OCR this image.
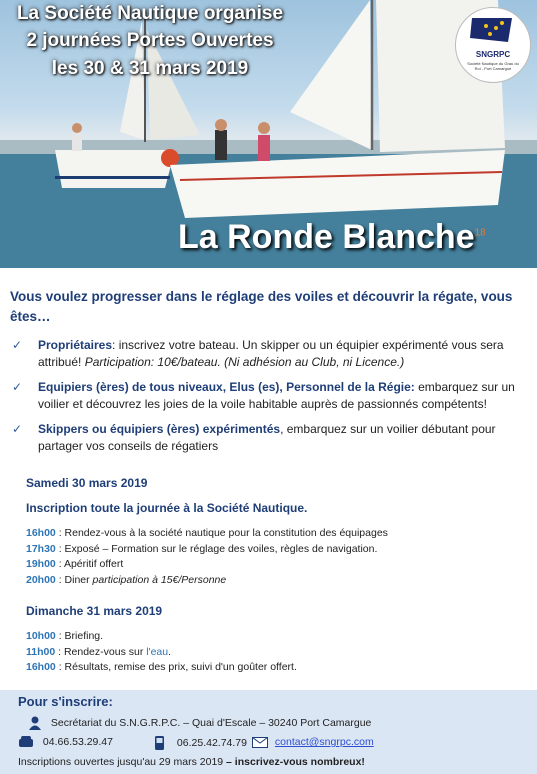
La Société Nautique organise
2 journées Portes Ouvertes
les 30 & 31 mars 2019
SNGRPC
Société Nautique du Grau du Roi - Port Camargue
La Ronde Blanche$^{18}$
Vous voulez progresser dans le réglage des voiles et découvrir la régate, vous êtes…
✓ Propriétaires: inscrivez votre bateau. Un skipper ou un équipier expérimenté vous sera attribué! Participation: 10€/bateau. (Ni adhésion au Club, ni Licence.)
✓ Equipiers (ères) de tous niveaux, Elus (es), Personnel de la Régie: embarquez sur un voilier et découvrez les joies de la voile habitable auprès de passionnés compétents!
✓ Skippers ou équipiers (ères) expérimentés, embarquez sur un voilier débutant pour partager vos conseils de régatiers
Samedi 30 mars 2019
Inscription toute la journée à la Société Nautique.
16h00 : Rendez-vous à la société nautique pour la constitution des équipages
17h30 : Exposé – Formation sur le réglage des voiles, règles de navigation.
19h00 : Apéritif offert
20h00 : Diner participation à 15€/Personne
Dimanche 31 mars 2019
10h00 : Briefing.
11h00 : Rendez-vous sur l'eau.
16h00 : Résultats, remise des prix, suivi d'un goûter offert.
Pour s'inscrire:
Secrétariat du S.N.G.R.P.C. – Quai d'Escale – 30240 Port Camargue
04.66.53.29.47	06.25.42.74.79	contact@sngrpc.com
Inscriptions ouvertes jusqu'au 29 mars 2019 – inscrivez-vous nombreux!
